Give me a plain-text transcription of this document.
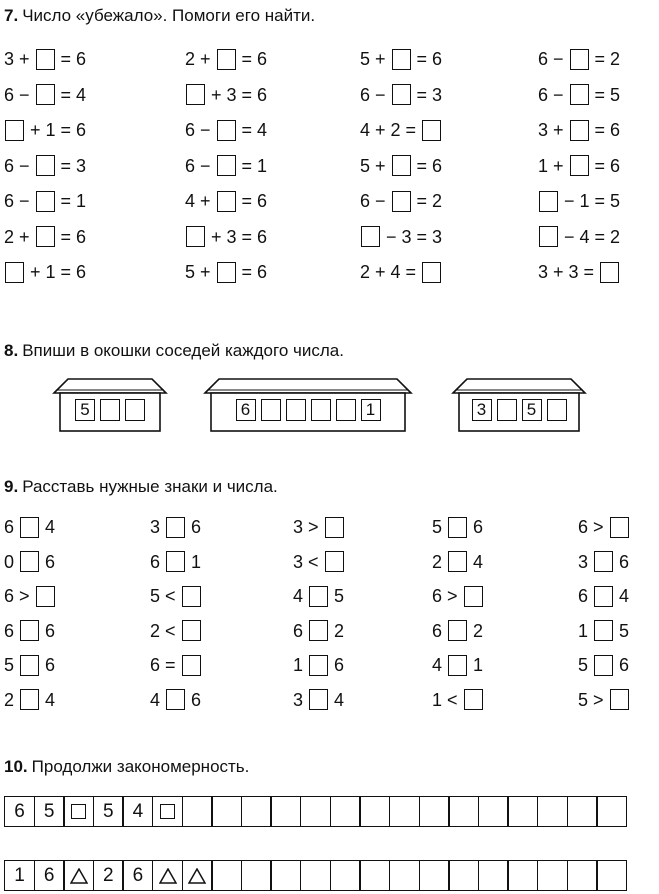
7. Число «убежало». Помоги его найти.
3 + = 6	2 + = 6	5 + = 6	6 − = 2
6 − = 4	+ 3 = 6	6 − = 3	6 − = 5
+ 1 = 6	6 − = 4	4 + 2 =	3 + = 6
6 − = 3	6 − = 1	5 + = 6	1 + = 6
6 − = 1	4 + = 6	6 − = 2	− 1 = 5
2 + = 6	+ 3 = 6	− 3 = 3	− 4 = 2
+ 1 = 6	5 + = 6	2 + 4 =	3 + 3 =
8. Впиши в окошки соседей каждого числа.
5	6	1	3	5
9. Расставь нужные знаки и числа.
6 4	3 6	3 >	5 6	6 >
0 6	6 1	3 <	2 4	3 6
6 >	5 <	4 5	6 >	6 4
6 6	2 <	6 2	6 2	1 5
5 6	6 =	1 6	4 1	5 6
2 4	4 6	3 4	1 <	5 >
10. Продолжи закономерность.
6	5	5	4
1	6	2	6
